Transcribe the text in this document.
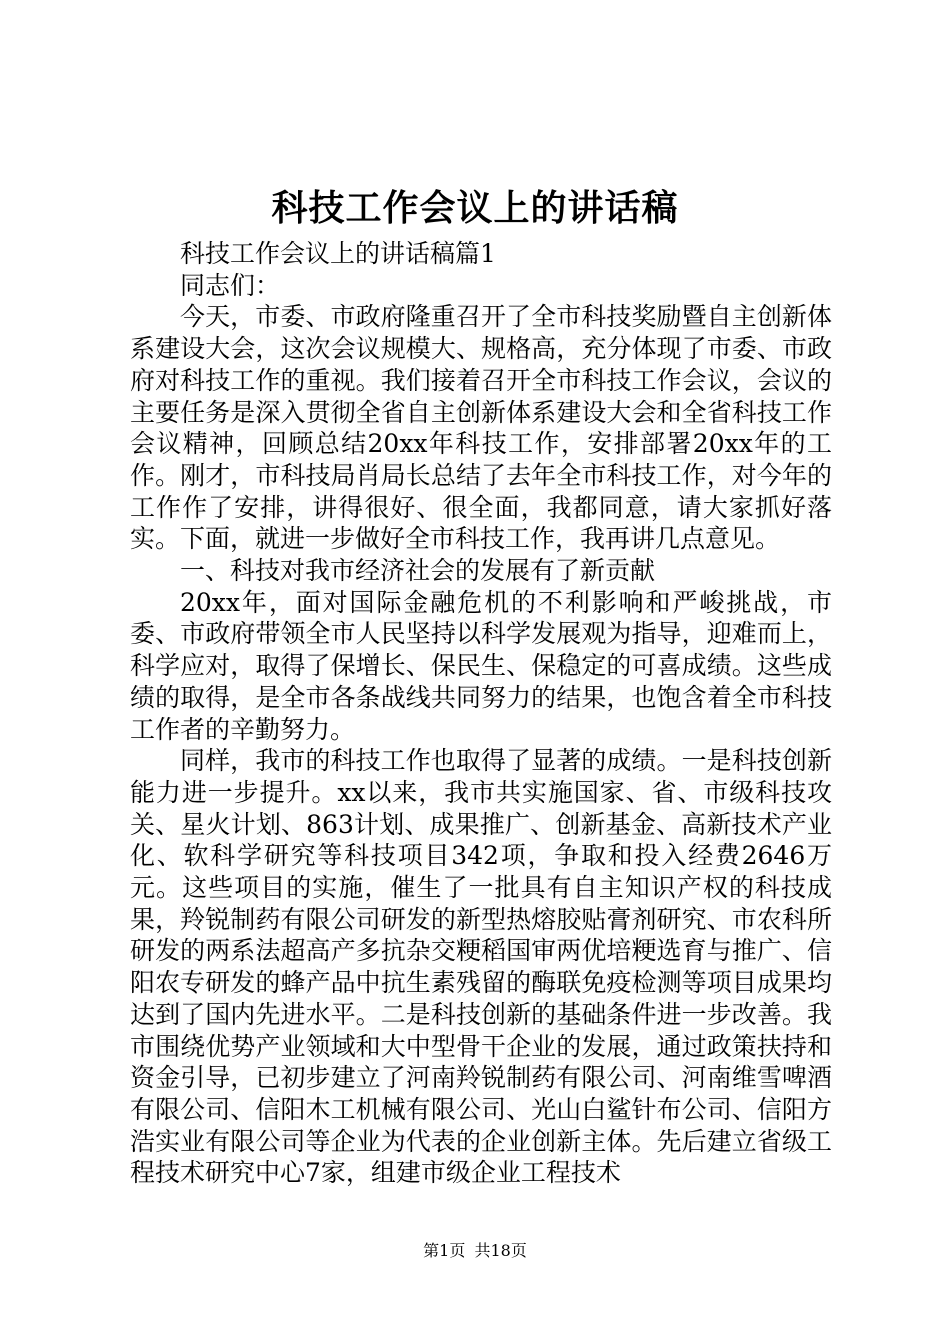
科技工作会议上的讲话稿

科技工作会议上的讲话稿篇1

同志们：

今天，市委、市政府隆重召开了全市科技奖励暨自主创新体系建设大会，这次会议规模大、规格高，充分体现了市委、市政府对科技工作的重视。我们接着召开全市科技工作会议，会议的主要任务是深入贯彻全省自主创新体系建设大会和全省科技工作会议精神，回顾总结20xx年科技工作，安排部署20xx年的工作。刚才，市科技局肖局长总结了去年全市科技工作，对今年的工作作了安排，讲得很好、很全面，我都同意，请大家抓好落实。下面，就进一步做好全市科技工作，我再讲几点意见。

一、科技对我市经济社会的发展有了新贡献

20xx年，面对国际金融危机的不利影响和严峻挑战，市委、市政府带领全市人民坚持以科学发展观为指导，迎难而上，科学应对，取得了保增长、保民生、保稳定的可喜成绩。这些成绩的取得，是全市各条战线共同努力的结果，也饱含着全市科技工作者的辛勤努力。

同样，我市的科技工作也取得了显著的成绩。一是科技创新能力进一步提升。xx以来，我市共实施国家、省、市级科技攻关、星火计划、863计划、成果推广、创新基金、高新技术产业化、软科学研究等科技项目342项，争取和投入经费2646万元。这些项目的实施，催生了一批具有自主知识产权的科技成果，羚锐制药有限公司研发的新型热熔胶贴膏剂研究、市农科所研发的两系法超高产多抗杂交粳稻国审两优培粳选育与推广、信阳农专研发的蜂产品中抗生素残留的酶联免疫检测等项目成果均达到了国内先进水平。二是科技创新的基础条件进一步改善。我市围绕优势产业领域和大中型骨干企业的发展，通过政策扶持和资金引导，已初步建立了河南羚锐制药有限公司、河南维雪啤酒有限公司、信阳木工机械有限公司、光山白鲨针布公司、信阳方浩实业有限公司等企业为代表的企业创新主体。先后建立省级工程技术研究中心7家，组建市级企业工程技术

第1页 共18页
